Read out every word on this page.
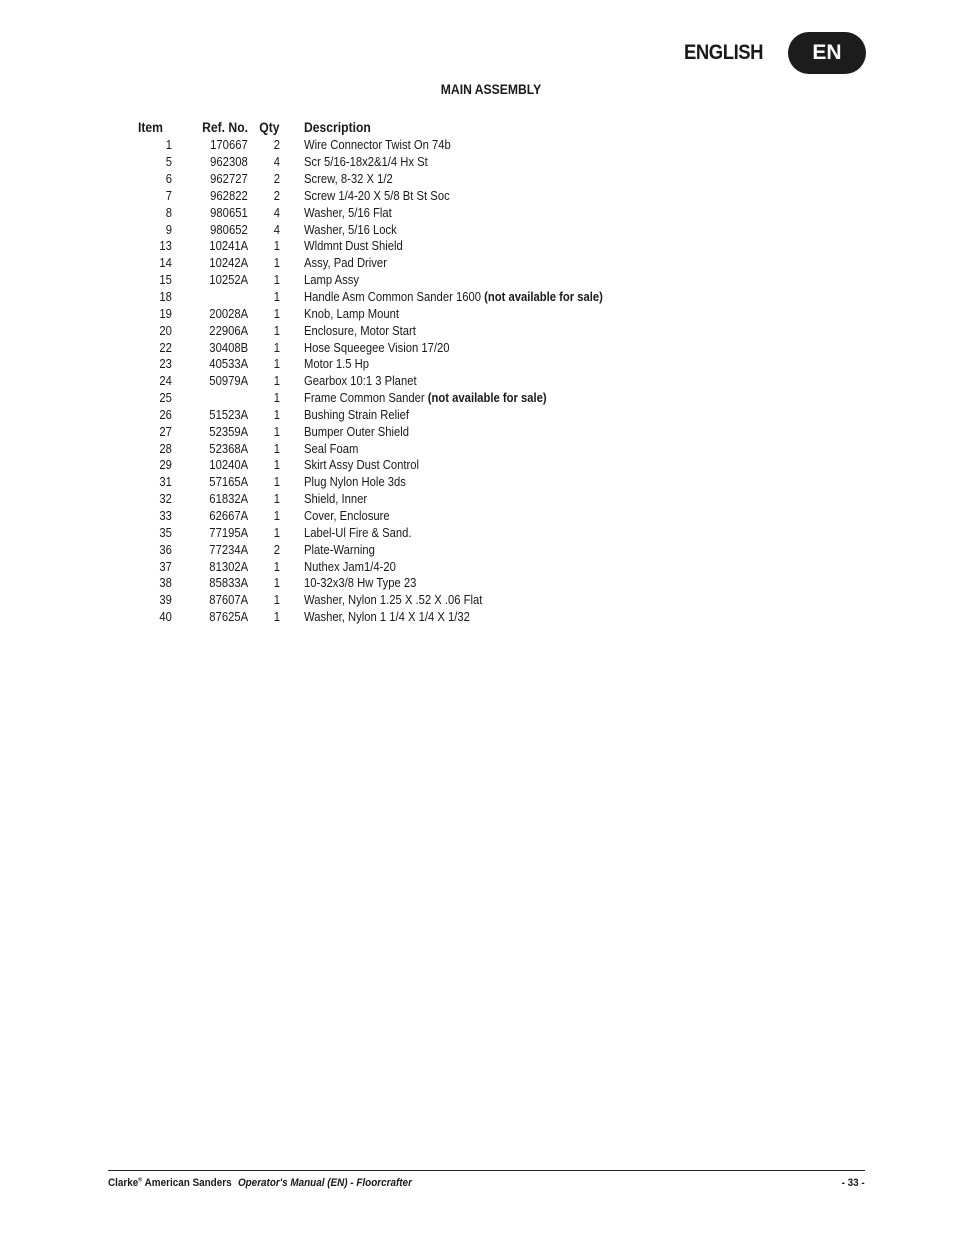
ENGLISH	EN
MAIN ASSEMBLY
Item	Ref. No.	Qty	Description
1	170667	2	Wire Connector Twist On 74b
5	962308	4	Scr 5/16-18x2&1/4 Hx St
6	962727	2	Screw, 8-32 X 1/2
7	962822	2	Screw 1/4-20 X 5/8 Bt St Soc
8	980651	4	Washer, 5/16 Flat
9	980652	4	Washer, 5/16 Lock
13	10241A	1	Wldmnt Dust Shield
14	10242A	1	Assy, Pad Driver
15	10252A	1	Lamp Assy
18		1	Handle Asm Common Sander 1600 (not available for sale)
19	20028A	1	Knob, Lamp Mount
20	22906A	1	Enclosure, Motor Start
22	30408B	1	Hose Squeegee Vision 17/20
23	40533A	1	Motor 1.5 Hp
24	50979A	1	Gearbox 10:1 3 Planet
25		1	Frame Common Sander (not available for sale)
26	51523A	1	Bushing Strain Relief
27	52359A	1	Bumper Outer Shield
28	52368A	1	Seal Foam
29	10240A	1	Skirt Assy Dust Control
31	57165A	1	Plug Nylon Hole 3ds
32	61832A	1	Shield, Inner
33	62667A	1	Cover, Enclosure
35	77195A	1	Label-Ul Fire & Sand.
36	77234A	2	Plate-Warning
37	81302A	1	Nuthex Jam1/4-20
38	85833A	1	10-32x3/8 Hw Type 23
39	87607A	1	Washer, Nylon 1.25 X .52 X .06 Flat
40	87625A	1	Washer, Nylon 1 1/4 X 1/4 X 1/32
Clarke® American Sanders Operator's Manual (EN) - Floorcrafter	- 33 -
